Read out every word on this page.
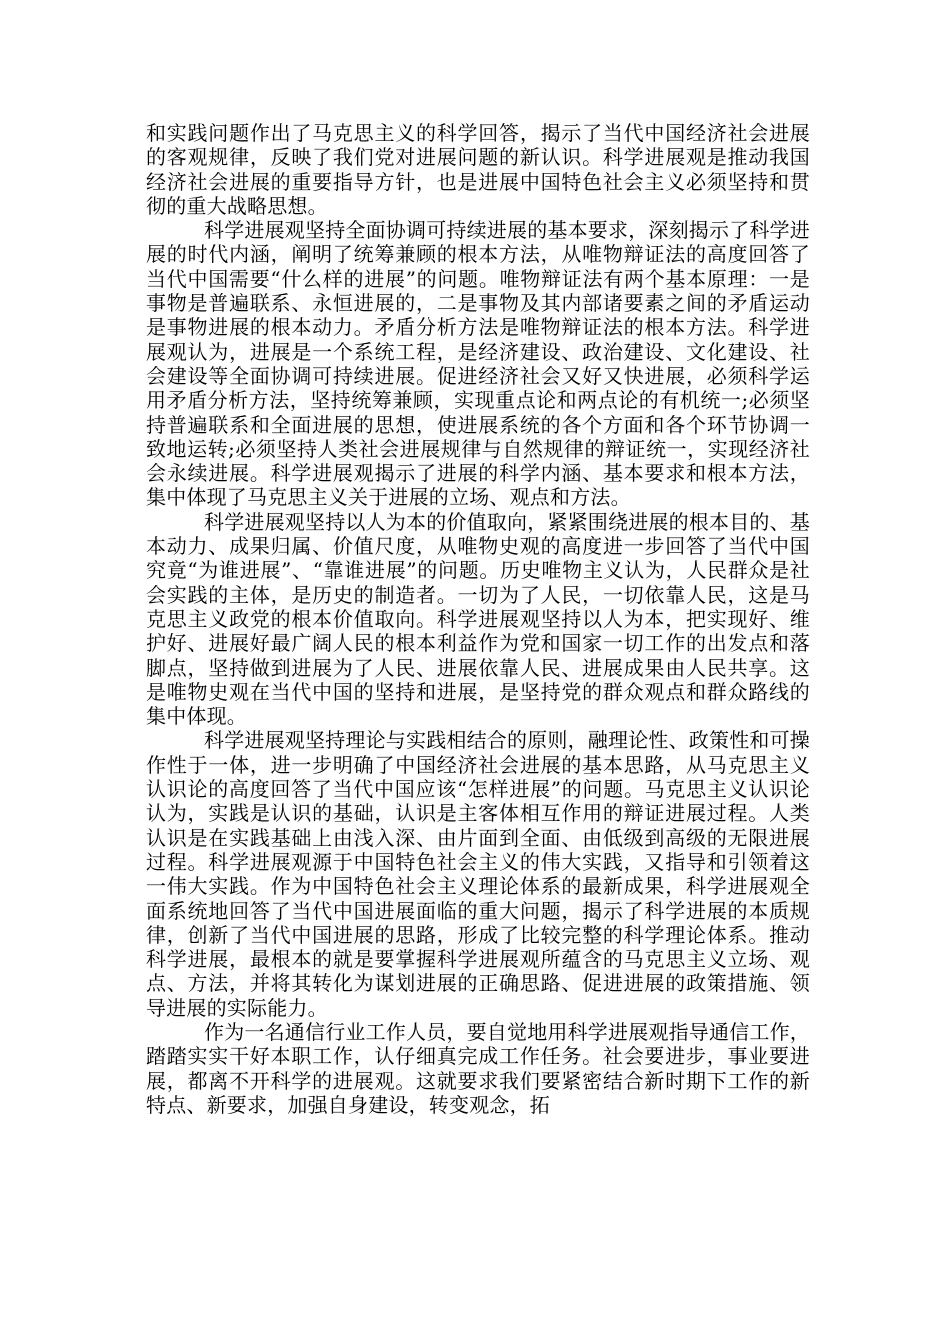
和实践问题作出了马克思主义的科学回答，揭示了当代中国经济社会进展的客观规律，反映了我们党对进展问题的新认识。科学进展观是推动我国经济社会进展的重要指导方针，也是进展中国特色社会主义必须坚持和贯彻的重大战略思想。

科学进展观坚持全面协调可持续进展的基本要求，深刻揭示了科学进展的时代内涵，阐明了统筹兼顾的根本方法，从唯物辩证法的高度回答了当代中国需要“什么样的进展”的问题。唯物辩证法有两个基本原理：一是事物是普遍联系、永恒进展的，二是事物及其内部诸要素之间的矛盾运动是事物进展的根本动力。矛盾分析方法是唯物辩证法的根本方法。科学进展观认为，进展是一个系统工程，是经济建设、政治建设、文化建设、社会建设等全面协调可持续进展。促进经济社会又好又快进展，必须科学运用矛盾分析方法，坚持统筹兼顾，实现重点论和两点论的有机统一;必须坚持普遍联系和全面进展的思想，使进展系统的各个方面和各个环节协调一致地运转;必须坚持人类社会进展规律与自然规律的辩证统一，实现经济社会永续进展。科学进展观揭示了进展的科学内涵、基本要求和根本方法，集中体现了马克思主义关于进展的立场、观点和方法。

科学进展观坚持以人为本的价值取向，紧紧围绕进展的根本目的、基本动力、成果归属、价值尺度，从唯物史观的高度进一步回答了当代中国究竟“为谁进展”、“靠谁进展”的问题。历史唯物主义认为，人民群众是社会实践的主体，是历史的制造者。一切为了人民，一切依靠人民，这是马克思主义政党的根本价值取向。科学进展观坚持以人为本，把实现好、维护好、进展好最广阔人民的根本利益作为党和国家一切工作的出发点和落脚点，坚持做到进展为了人民、进展依靠人民、进展成果由人民共享。这是唯物史观在当代中国的坚持和进展，是坚持党的群众观点和群众路线的集中体现。

科学进展观坚持理论与实践相结合的原则，融理论性、政策性和可操作性于一体，进一步明确了中国经济社会进展的基本思路，从马克思主义认识论的高度回答了当代中国应该“怎样进展”的问题。马克思主义认识论认为，实践是认识的基础，认识是主客体相互作用的辩证进展过程。人类认识是在实践基础上由浅入深、由片面到全面、由低级到高级的无限进展过程。科学进展观源于中国特色社会主义的伟大实践，又指导和引领着这一伟大实践。作为中国特色社会主义理论体系的最新成果，科学进展观全面系统地回答了当代中国进展面临的重大问题，揭示了科学进展的本质规律，创新了当代中国进展的思路，形成了比较完整的科学理论体系。推动科学进展，最根本的就是要掌握科学进展观所蕴含的马克思主义立场、观点、方法，并将其转化为谋划进展的正确思路、促进进展的政策措施、领导进展的实际能力。

作为一名通信行业工作人员，要自觉地用科学进展观指导通信工作，踏踏实实干好本职工作，认仔细真完成工作任务。社会要进步，事业要进展，都离不开科学的进展观。这就要求我们要紧密结合新时期下工作的新特点、新要求，加强自身建设，转变观念，拓
